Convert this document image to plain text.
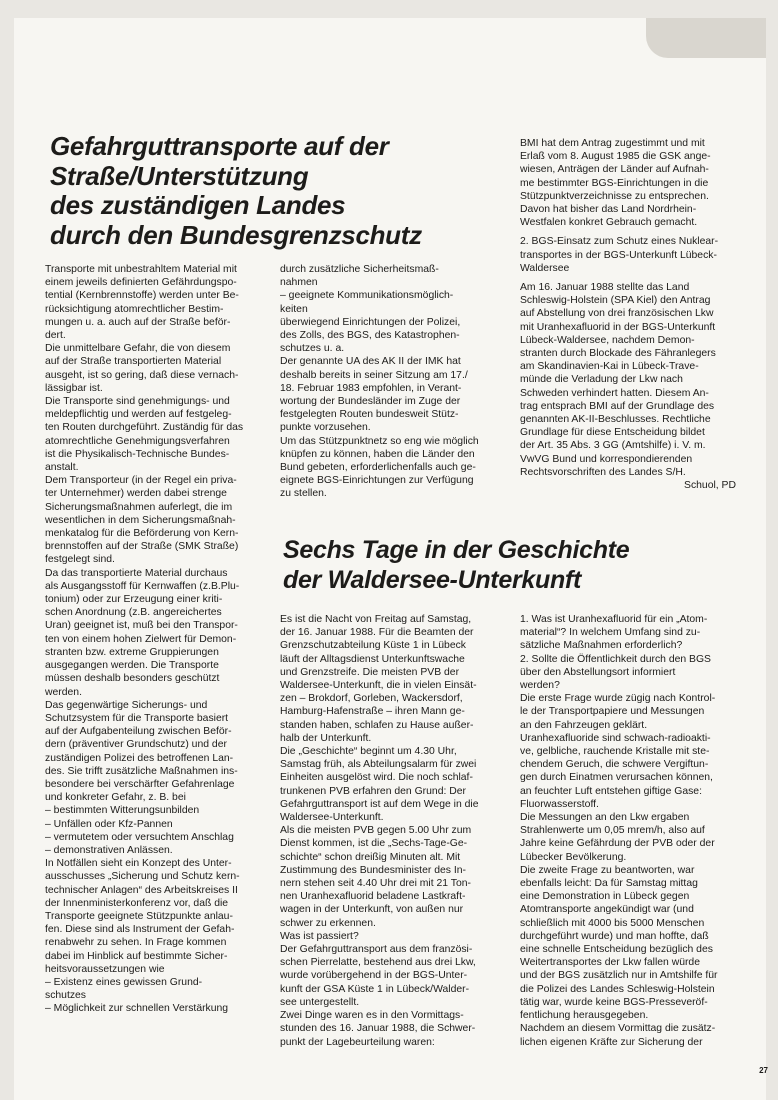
Gefahrguttransporte auf der
Straße/Unterstützung
des zuständigen Landes
durch den Bundesgrenzschutz

Transporte mit unbestrahltem Material mit
einem jeweils definierten Gefährdungspo-
tential (Kernbrennstoffe) werden unter Be-
rücksichtigung atomrechtlicher Bestim-
mungen u. a. auch auf der Straße beför-
dert.

Die unmittelbare Gefahr, die von diesem
auf der Straße transportierten Material
ausgeht, ist so gering, daß diese vernach-
lässigbar ist.

Die Transporte sind genehmigungs- und
meldepflichtig und werden auf festgeleg-
ten Routen durchgeführt. Zuständig für das
atomrechtliche Genehmigungsverfahren
ist die Physikalisch-Technische Bundes-
anstalt.

Dem Transporteur (in der Regel ein priva-
ter Unternehmer) werden dabei strenge
Sicherungsmaßnahmen auferlegt, die im
wesentlichen in dem Sicherungsmaßnah-
menkatalog für die Beförderung von Kern-
brennstoffen auf der Straße (SMK Straße)
festgelegt sind.

Da das transportierte Material durchaus
als Ausgangsstoff für Kernwaffen (z.B.Plu-
tonium) oder zur Erzeugung einer kriti-
schen Anordnung (z.B. angereichertes
Uran) geeignet ist, muß bei den Transpor-
ten von einem hohen Zielwert für Demon-
stranten bzw. extreme Gruppierungen
ausgegangen werden. Die Transporte
müssen deshalb besonders geschützt
werden.

Das gegenwärtige Sicherungs- und
Schutzsystem für die Transporte basiert
auf der Aufgabenteilung zwischen Beför-
dern (präventiver Grundschutz) und der
zuständigen Polizei des betroffenen Lan-
des. Sie trifft zusätzliche Maßnahmen ins-
besondere bei verschärfter Gefahrenlage
und konkreter Gefahr, z. B. bei
– bestimmten Witterungsunbilden
– Unfällen oder Kfz-Pannen
– vermutetem oder versuchtem Anschlag
– demonstrativen Anlässen.

In Notfällen sieht ein Konzept des Unter-
ausschusses „Sicherung und Schutz kern-
technischer Anlagen“ des Arbeitskreises II
der Innenministerkonferenz vor, daß die
Transporte geeignete Stützpunkte anlau-
fen. Diese sind als Instrument der Gefah-
renabwehr zu sehen. In Frage kommen
dabei im Hinblick auf bestimmte Sicher-
heitsvoraussetzungen wie
– Existenz eines gewissen Grund-
schutzes
– Möglichkeit zur schnellen Verstärkung

durch zusätzliche Sicherheitsmaß-
nahmen
– geeignete Kommunikationsmöglich-
keiten

überwiegend Einrichtungen der Polizei,
des Zolls, des BGS, des Katastrophen-
schutzes u. a.

Der genannte UA des AK II der IMK hat
deshalb bereits in seiner Sitzung am 17./
18. Februar 1983 empfohlen, in Verant-
wortung der Bundesländer im Zuge der
festgelegten Routen bundesweit Stütz-
punkte vorzusehen.

Um das Stützpunktnetz so eng wie möglich
knüpfen zu können, haben die Länder den
Bund gebeten, erforderlichenfalls auch ge-
eignete BGS-Einrichtungen zur Verfügung
zu stellen.

BMI hat dem Antrag zugestimmt und mit
Erlaß vom 8. August 1985 die GSK ange-
wiesen, Anträgen der Länder auf Aufnah-
me bestimmter BGS-Einrichtungen in die
Stützpunktverzeichnisse zu entsprechen.
Davon hat bisher das Land Nordrhein-
Westfalen konkret Gebrauch gemacht.

2. BGS-Einsatz zum Schutz eines Nuklear-
transportes in der BGS-Unterkunft Lübeck-
Waldersee

Am 16. Januar 1988 stellte das Land
Schleswig-Holstein (SPA Kiel) den Antrag
auf Abstellung von drei französischen Lkw
mit Uranhexafluorid in der BGS-Unterkunft
Lübeck-Waldersee, nachdem Demon-
stranten durch Blockade des Fähranlegers
am Skandinavien-Kai in Lübeck-Trave-
münde die Verladung der Lkw nach
Schweden verhindert hatten. Diesem An-
trag entsprach BMI auf der Grundlage des
genannten AK-II-Beschlusses. Rechtliche
Grundlage für diese Entscheidung bildet
der Art. 35 Abs. 3 GG (Amtshilfe) i. V. m.
VwVG Bund und korrespondierenden
Rechtsvorschriften des Landes S/H.

Schuol, PD

Sechs Tage in der Geschichte
der Waldersee-Unterkunft

Es ist die Nacht von Freitag auf Samstag,
der 16. Januar 1988. Für die Beamten der
Grenzschutzabteilung Küste 1 in Lübeck
läuft der Alltagsdienst Unterkunftswache
und Grenzstreife. Die meisten PVB der
Waldersee-Unterkunft, die in vielen Einsät-
zen – Brokdorf, Gorleben, Wackersdorf,
Hamburg-Hafenstraße – ihren Mann ge-
standen haben, schlafen zu Hause außer-
halb der Unterkunft.

Die „Geschichte“ beginnt um 4.30 Uhr,
Samstag früh, als Abteilungsalarm für zwei
Einheiten ausgelöst wird. Die noch schlaf-
trunkenen PVB erfahren den Grund: Der
Gefahrguttransport ist auf dem Wege in die
Waldersee-Unterkunft.

Als die meisten PVB gegen 5.00 Uhr zum
Dienst kommen, ist die „Sechs-Tage-Ge-
schichte“ schon dreißig Minuten alt. Mit
Zustimmung des Bundesminister des In-
nern stehen seit 4.40 Uhr drei mit 21 Ton-
nen Uranhexafluorid beladene Lastkraft-
wagen in der Unterkunft, von außen nur
schwer zu erkennen.

Was ist passiert?

Der Gefahrguttransport aus dem französi-
schen Pierrelatte, bestehend aus drei Lkw,
wurde vorübergehend in der BGS-Unter-
kunft der GSA Küste 1 in Lübeck/Walder-
see untergestellt.

Zwei Dinge waren es in den Vormittags-
stunden des 16. Januar 1988, die Schwer-
punkt der Lagebeurteilung waren:

1. Was ist Uranhexafluorid für ein „Atom-
material“? In welchem Umfang sind zu-
sätzliche Maßnahmen erforderlich?
2. Sollte die Öffentlichkeit durch den BGS
über den Abstellungsort informiert
werden?

Die erste Frage wurde zügig nach Kontrol-
le der Transportpapiere und Messungen
an den Fahrzeugen geklärt.

Uranhexafluoride sind schwach-radioakti-
ve, gelbliche, rauchende Kristalle mit ste-
chendem Geruch, die schwere Vergiftun-
gen durch Einatmen verursachen können,
an feuchter Luft entstehen giftige Gase:
Fluorwasserstoff.

Die Messungen an den Lkw ergaben
Strahlenwerte um 0,05 mrem/h, also auf
Jahre keine Gefährdung der PVB oder der
Lübecker Bevölkerung.

Die zweite Frage zu beantworten, war
ebenfalls leicht: Da für Samstag mittag
eine Demonstration in Lübeck gegen
Atomtransporte angekündigt war (und
schließlich mit 4000 bis 5000 Menschen
durchgeführt wurde) und man hoffte, daß
eine schnelle Entscheidung bezüglich des
Weitertransportes der Lkw fallen würde
und der BGS zusätzlich nur in Amtshilfe für
die Polizei des Landes Schleswig-Holstein
tätig war, wurde keine BGS-Presseveröf-
fentlichung herausgegeben.

Nachdem an diesem Vormittag die zusätz-
lichen eigenen Kräfte zur Sicherung der

27
